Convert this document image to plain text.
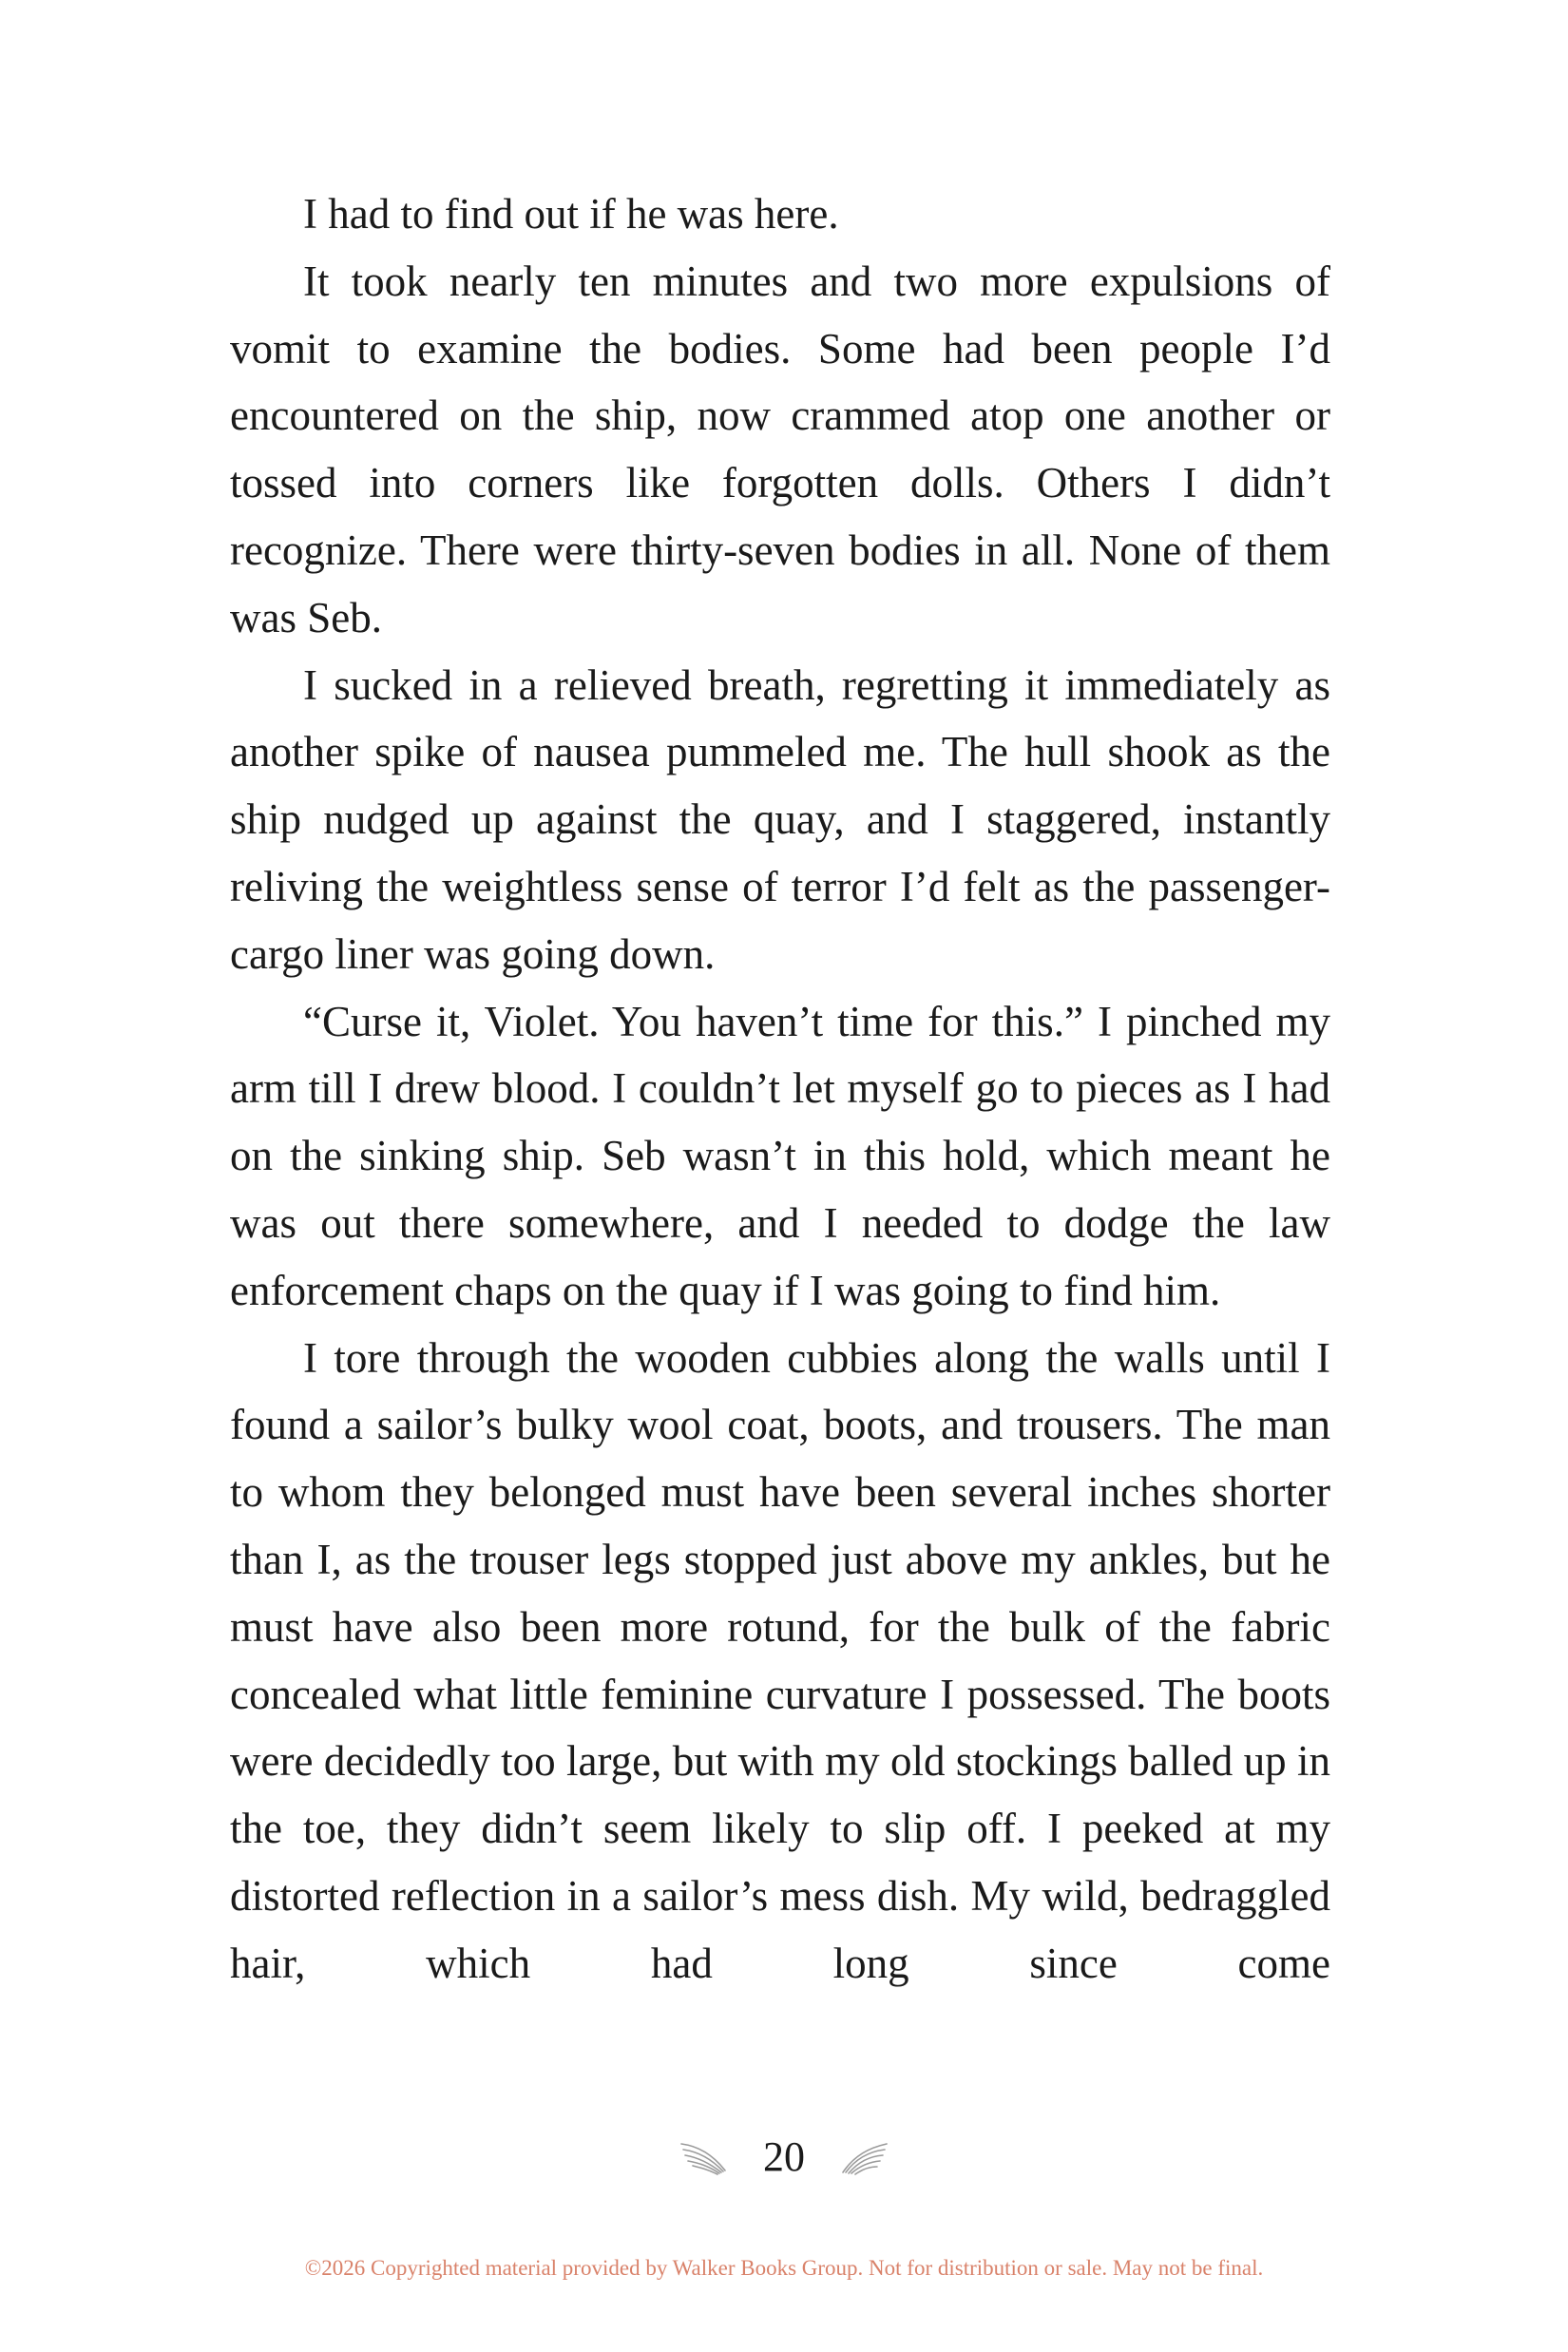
I had to find out if he was here.

It took nearly ten minutes and two more expulsions of vomit to examine the bodies. Some had been people I’d encountered on the ship, now crammed atop one another or tossed into corners like forgotten dolls. Others I didn’t recognize. There were thirty-seven bodies in all. None of them was Seb.

I sucked in a relieved breath, regretting it immediately as another spike of nausea pummeled me. The hull shook as the ship nudged up against the quay, and I staggered, instantly reliving the weightless sense of terror I’d felt as the passenger-cargo liner was going down.

“Curse it, Violet. You haven’t time for this.” I pinched my arm till I drew blood. I couldn’t let myself go to pieces as I had on the sinking ship. Seb wasn’t in this hold, which meant he was out there somewhere, and I needed to dodge the law enforcement chaps on the quay if I was going to find him.

I tore through the wooden cubbies along the walls until I found a sailor’s bulky wool coat, boots, and trousers. The man to whom they belonged must have been several inches shorter than I, as the trouser legs stopped just above my ankles, but he must have also been more rotund, for the bulk of the fabric concealed what little feminine curvature I possessed. The boots were decidedly too large, but with my old stockings balled up in the toe, they didn’t seem likely to slip off. I peeked at my distorted reflection in a sailor’s mess dish. My wild, bedraggled hair, which had long since come

20
©2026 Copyrighted material provided by Walker Books Group. Not for distribution or sale. May not be final.
